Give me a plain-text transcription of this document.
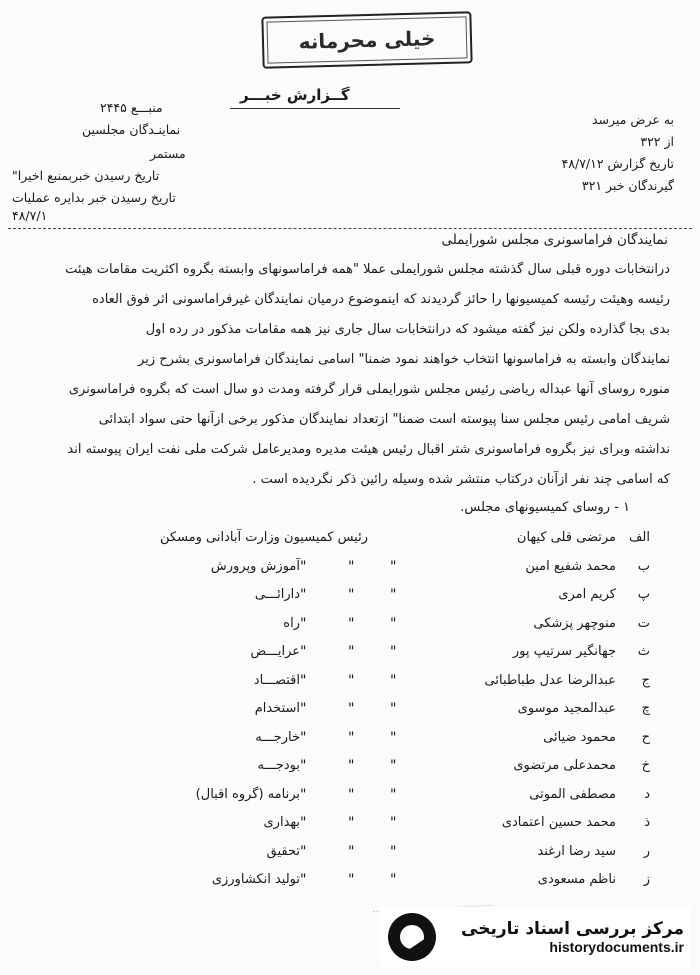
خیلی محرمانه
گــزارش خبـــر
منبـــع ۲۴۴۵
نماینـدگان مجلسین
مستمر
تاریخ رسیدن خبربمنبع اخیرا"
تاریخ رسیدن خبر بدایره عملیات
۴۸/۷/۱
به عرض میرسد
از ۳۲۲
تاریخ گزارش ۴۸/۷/۱۲
گیرندگان خبر ۳۲۱
نمایندگان فراماسونری مجلس شورایملی
درانتخابات دوره قبلی سال گذشته مجلس شورایملی عملا "همه فراماسونهای وابسته بگروه اکثریت مقامات هیئت
رئیسه وهیئت رئیسه کمیسیونها را حائز گردیدند که اینموضوع درمیان نمایندگان غیرفراماسونی اثر فوق العاده
بدی بجا گذارده ولکن نیز گفته میشود که درانتخابات سال جاری نیز همه مقامات مذکور در رده اول
نمایندگان وابسته به فراماسونها انتخاب خواهند نمود ضمنا" اسامی نمایندگان فراماسونری بشرح زیر
منوره روسای آنها عبداله ریاضی رئیس مجلس شورایملی قرار گرفته ومدت دو سال است که بگروه فراماسونری
شریف امامی رئیس مجلس سنا پیوسته است ضمنا" ازتعداد نمایندگان مذکور برخی ازآنها حتی سواد ابتدائی
نداشته وبرای نیز بگروه فراماسونری شتر اقبال رئیس هیئت مدیره ومدیرعامل شرکت ملی نفت ایران پیوسته اند
که اسامی چند نفر ازآنان درکتاب منتشر شده وسیله رائین ذکر نگردیده است .
۱ - روسای کمیسیونهای مجلس.
رئیس کمیسیون وزارت آبادانی ومسکن	الف
مرتضی قلی کیهان
ب
محمد شفیع امین
"
"
"
آموزش وپرورش
پ
کریم امری
"
"
"
دارائـــی
ت
منوچهر پزشکی
"
"
"
راه
ث
جهانگیر سرتیپ پور
"
"
"
عرایـــض
ج
عبدالرضا عدل طباطبائی
"
"
"
اقتصـــاد
چ
عبدالمجید موسوی
"
"
"
استخدام
ح
محمود ضیائی
"
"
"
خارجـــه
خ
محمدعلی مرتضوی
"
"
"
بودجـــه
د
مصطفی الموتی
"
"
"
برنامه (گروه اقبال)
ذ
محمد حسین اعتمادی
"
"
"
بهداری
ر
سید رضا ارغند
"
"
"
تحقیق
ز
ناظم مسعودی
"
"
"
تولید انکشاورزی
مرکز بررسی اسناد تاریخی
historydocuments.ir
